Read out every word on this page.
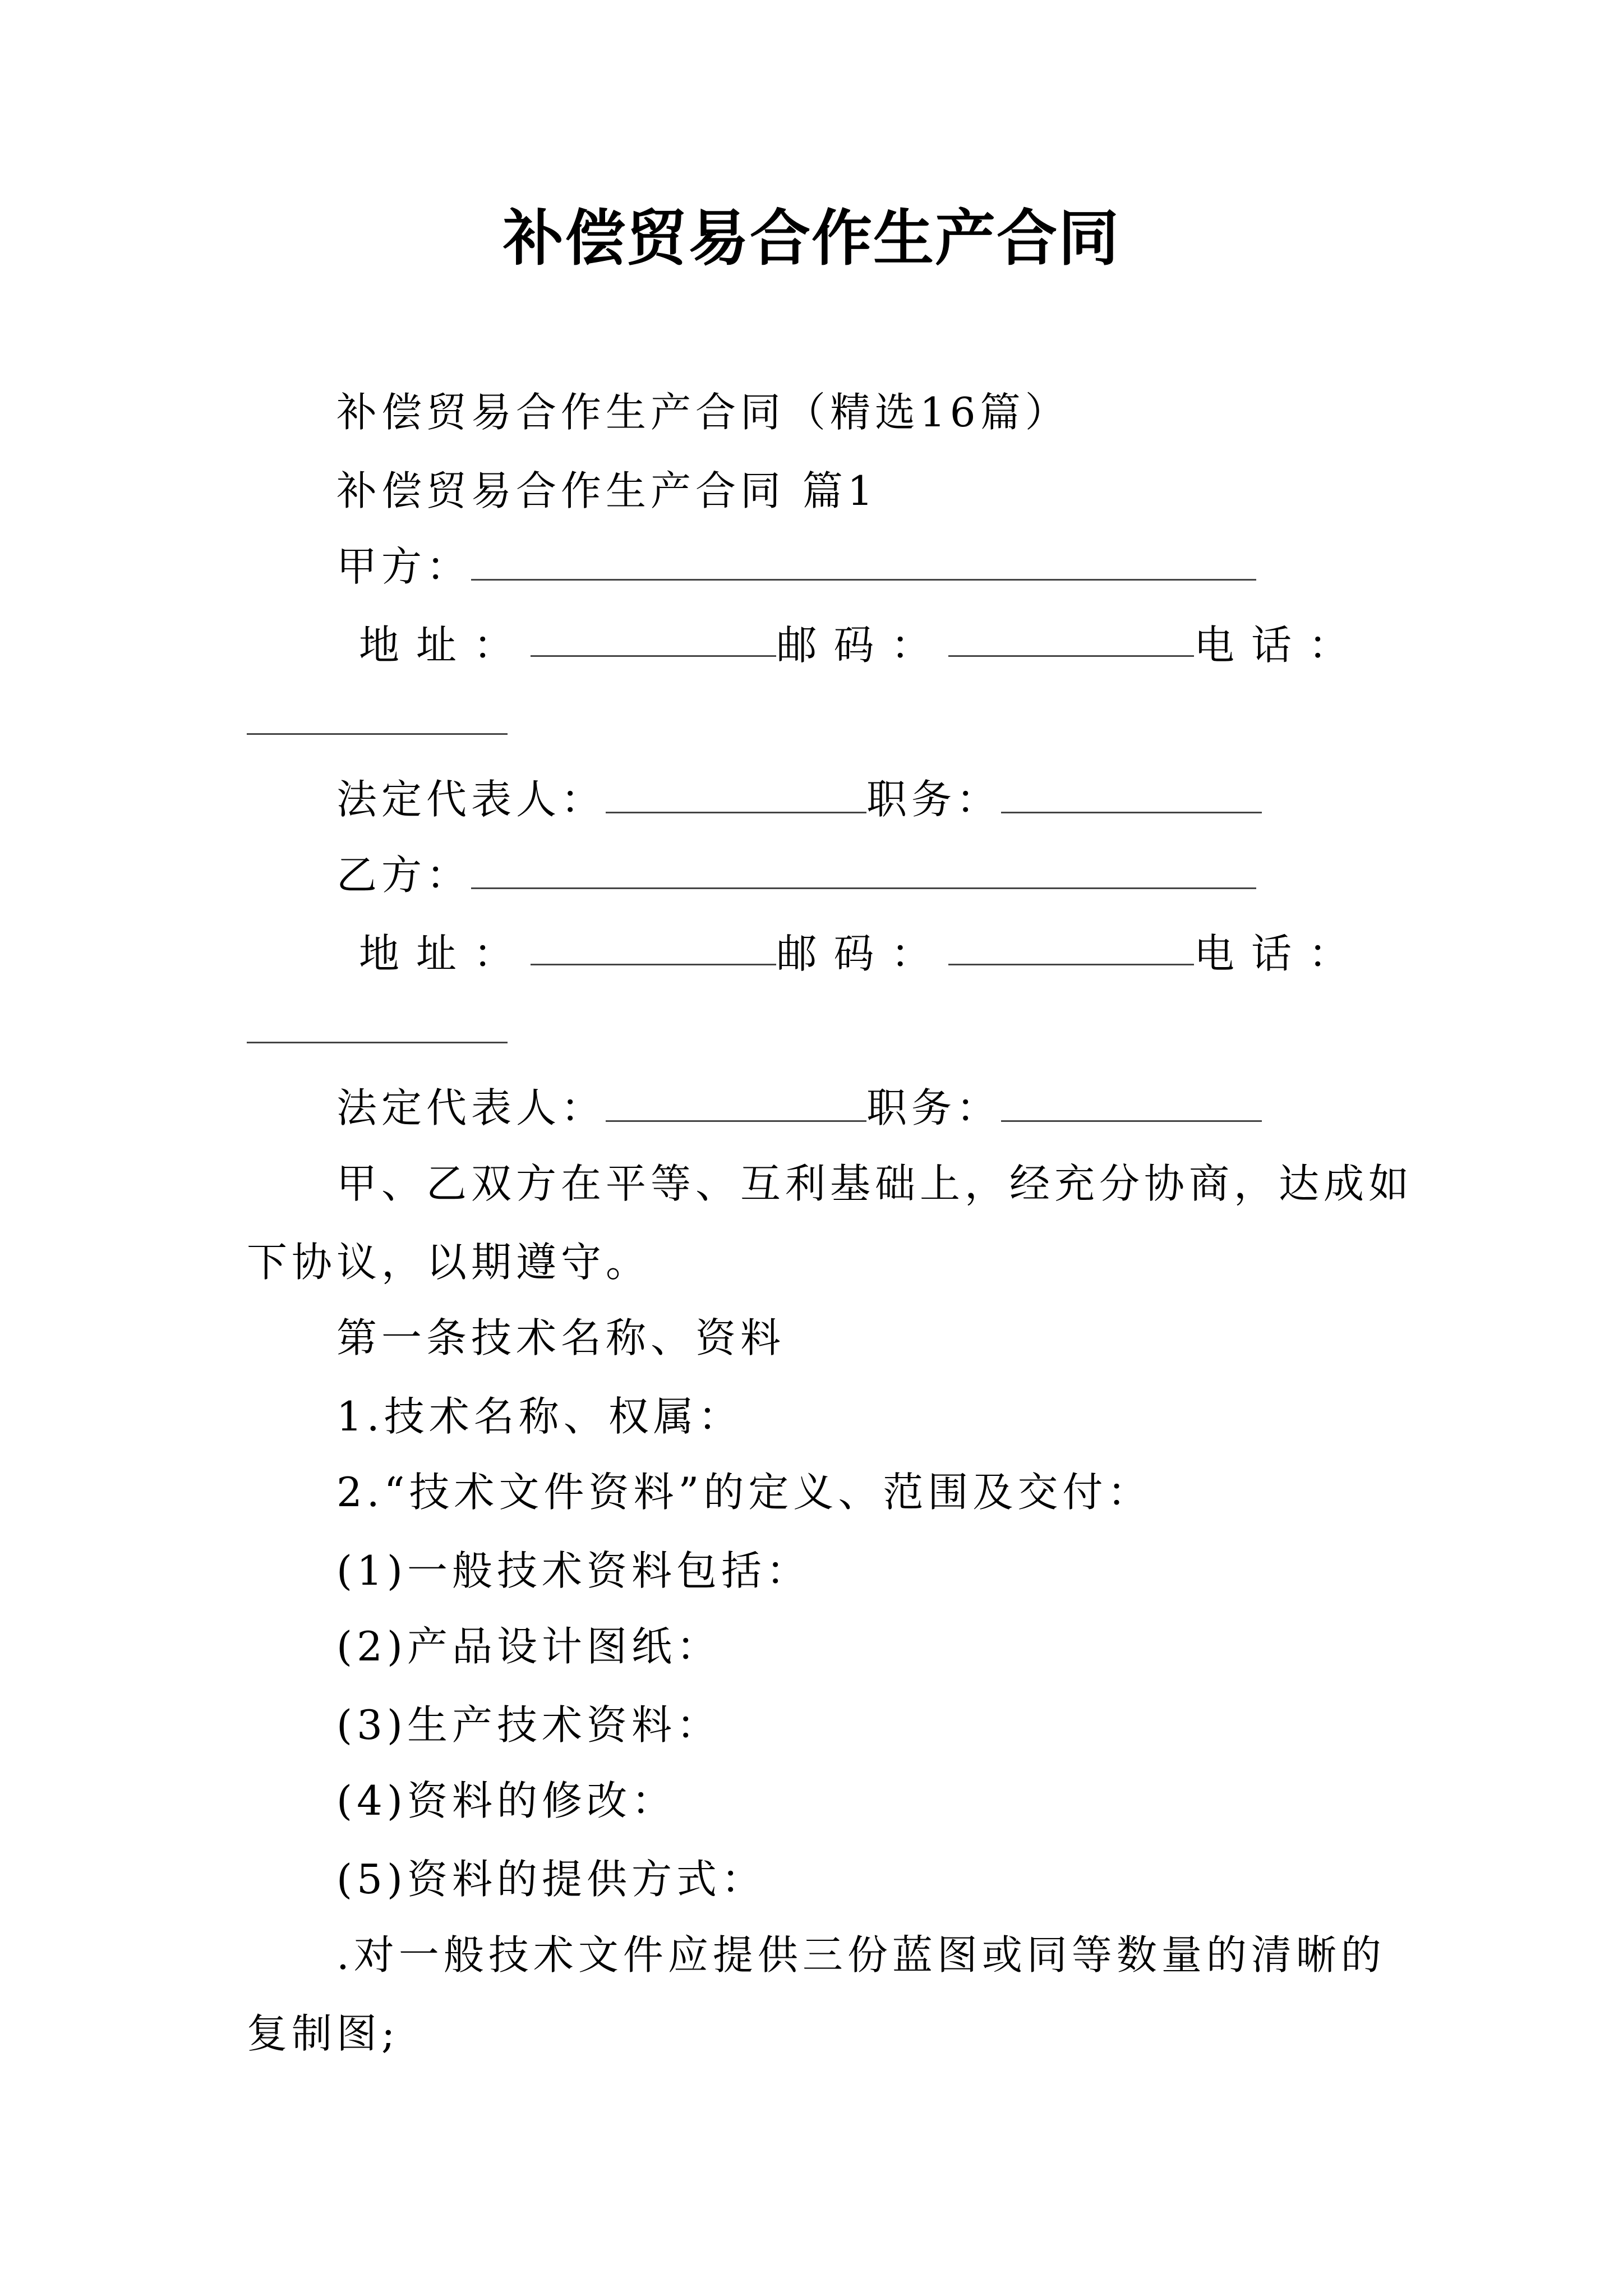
补偿贸易合作生产合同
补偿贸易合作生产合同（精选16篇）
补偿贸易合作生产合同 篇1
甲方：
地址：	邮码：	电话：
法定代表人：	职务：
乙方：
地址：	邮码：	电话：
法定代表人：	职务：
甲、乙双方在平等、互利基础上，经充分协商，达成如
下协议，以期遵守。
第一条技术名称、资料
1.技术名称、权属：
2.“技术文件资料”的定义、范围及交付：
(1)一般技术资料包括：
(2)产品设计图纸：
(3)生产技术资料：
(4)资料的修改：
(5)资料的提供方式：
.对一般技术文件应提供三份蓝图或同等数量的清晰的
复制图;
